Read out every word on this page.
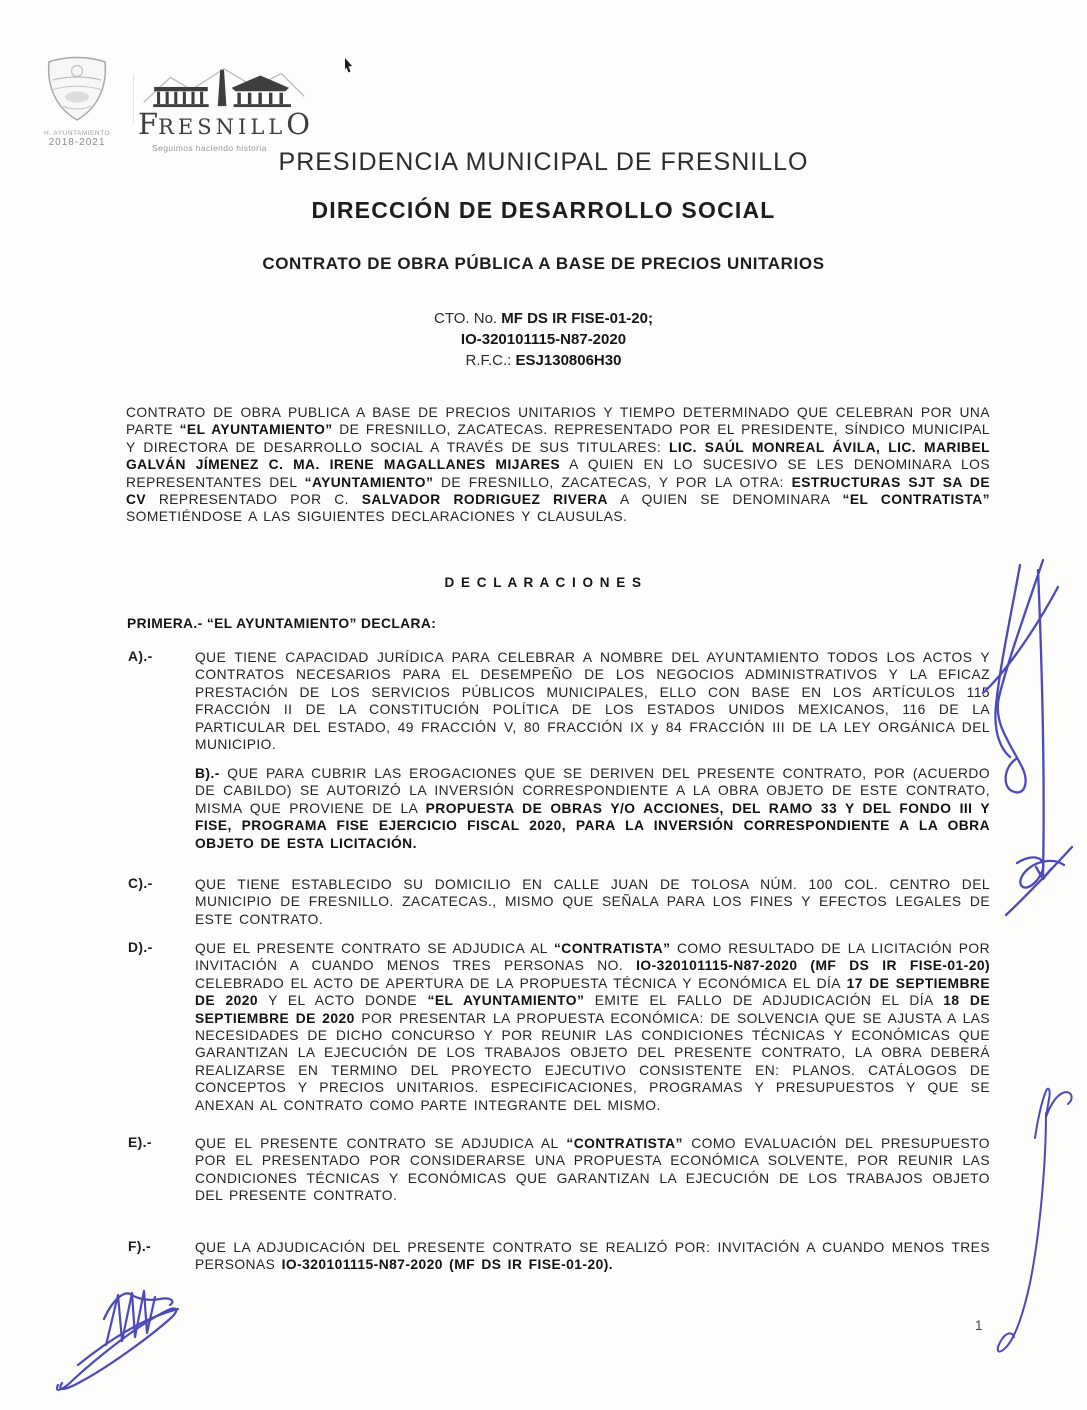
H. AYUNTAMIENTO
2018-2021
FRESNILLO
Seguimos haciendo historia PRESIDENCIA MUNICIPAL DE FRESNILLO
DIRECCIÓN DE DESARROLLO SOCIAL
CONTRATO DE OBRA PÚBLICA A BASE DE PRECIOS UNITARIOS
CTO. No. MF DS IR FISE-01-20;
IO-320101115-N87-2020
R.F.C.: ESJ130806H30
CONTRATO DE OBRA PUBLICA A BASE DE PRECIOS UNITARIOS Y TIEMPO DETERMINADO QUE CELEBRAN POR UNA PARTE “EL AYUNTAMIENTO” DE FRESNILLO, ZACATECAS. REPRESENTADO POR EL PRESIDENTE, SÍNDICO MUNICIPAL Y DIRECTORA DE DESARROLLO SOCIAL A TRAVÉS DE SUS TITULARES: LIC. SAÚL MONREAL ÁVILA, LIC. MARIBEL GALVÁN JÍMENEZ C. MA. IRENE MAGALLANES MIJARES A QUIEN EN LO SUCESIVO SE LES DENOMINARA LOS REPRESENTANTES DEL “AYUNTAMIENTO” DE FRESNILLO, ZACATECAS, Y POR LA OTRA: ESTRUCTURAS SJT SA DE CV REPRESENTADO POR C. SALVADOR RODRIGUEZ RIVERA A QUIEN SE DENOMINARA “EL CONTRATISTA” SOMETIÉNDOSE A LAS SIGUIENTES DECLARACIONES Y CLAUSULAS.
D E C L A R A C I O N E S
PRIMERA.- “EL AYUNTAMIENTO” DECLARA:
A).-	QUE TIENE CAPACIDAD JURÍDICA PARA CELEBRAR A NOMBRE DEL AYUNTAMIENTO TODOS LOS ACTOS Y CONTRATOS NECESARIOS PARA EL DESEMPEÑO DE LOS NEGOCIOS ADMINISTRATIVOS Y LA EFICAZ PRESTACIÓN DE LOS SERVICIOS PÚBLICOS MUNICIPALES, ELLO CON BASE EN LOS ARTÍCULOS 115 FRACCIÓN II DE LA CONSTITUCIÓN POLÍTICA DE LOS ESTADOS UNIDOS MEXICANOS, 116 DE LA PARTICULAR DEL ESTADO, 49 FRACCIÓN V, 80 FRACCIÓN IX y 84 FRACCIÓN III DE LA LEY ORGÁNICA DEL MUNICIPIO.
B).- QUE PARA CUBRIR LAS EROGACIONES QUE SE DERIVEN DEL PRESENTE CONTRATO, POR (ACUERDO DE CABILDO) SE AUTORIZÓ LA INVERSIÓN CORRESPONDIENTE A LA OBRA OBJETO DE ESTE CONTRATO, MISMA QUE PROVIENE DE LA PROPUESTA DE OBRAS Y/O ACCIONES, DEL RAMO 33 Y DEL FONDO III Y FISE, PROGRAMA FISE EJERCICIO FISCAL 2020, PARA LA INVERSIÓN CORRESPONDIENTE A LA OBRA OBJETO DE ESTA LICITACIÓN.
C).-	QUE TIENE ESTABLECIDO SU DOMICILIO EN CALLE JUAN DE TOLOSA NÚM. 100 COL. CENTRO DEL MUNICIPIO DE FRESNILLO. ZACATECAS., MISMO QUE SEÑALA PARA LOS FINES Y EFECTOS LEGALES DE ESTE CONTRATO.
D).-	QUE EL PRESENTE CONTRATO SE ADJUDICA AL “CONTRATISTA” COMO RESULTADO DE LA LICITACIÓN POR INVITACIÓN A CUANDO MENOS TRES PERSONAS NO. IO-320101115-N87-2020 (MF DS IR FISE-01-20) CELEBRADO EL ACTO DE APERTURA DE LA PROPUESTA TÉCNICA Y ECONÓMICA EL DÍA 17 DE SEPTIEMBRE DE 2020 Y EL ACTO DONDE “EL AYUNTAMIENTO” EMITE EL FALLO DE ADJUDICACIÓN EL DÍA 18 DE SEPTIEMBRE DE 2020 POR PRESENTAR LA PROPUESTA ECONÓMICA: DE SOLVENCIA QUE SE AJUSTA A LAS NECESIDADES DE DICHO CONCURSO Y POR REUNIR LAS CONDICIONES TÉCNICAS Y ECONÓMICAS QUE GARANTIZAN LA EJECUCIÓN DE LOS TRABAJOS OBJETO DEL PRESENTE CONTRATO, LA OBRA DEBERÁ REALIZARSE EN TERMINO DEL PROYECTO EJECUTIVO CONSISTENTE EN: PLANOS. CATÁLOGOS DE CONCEPTOS Y PRECIOS UNITARIOS. ESPECIFICACIONES, PROGRAMAS Y PRESUPUESTOS Y QUE SE ANEXAN AL CONTRATO COMO PARTE INTEGRANTE DEL MISMO.
E).-	QUE EL PRESENTE CONTRATO SE ADJUDICA AL “CONTRATISTA” COMO EVALUACIÓN DEL PRESUPUESTO POR EL PRESENTADO POR CONSIDERARSE UNA PROPUESTA ECONÓMICA SOLVENTE, POR REUNIR LAS CONDICIONES TÉCNICAS Y ECONÓMICAS QUE GARANTIZAN LA EJECUCIÓN DE LOS TRABAJOS OBJETO DEL PRESENTE CONTRATO.
F).-	QUE LA ADJUDICACIÓN DEL PRESENTE CONTRATO SE REALIZÓ POR: INVITACIÓN A CUANDO MENOS TRES PERSONAS IO-320101115-N87-2020 (MF DS IR FISE-01-20).
1
